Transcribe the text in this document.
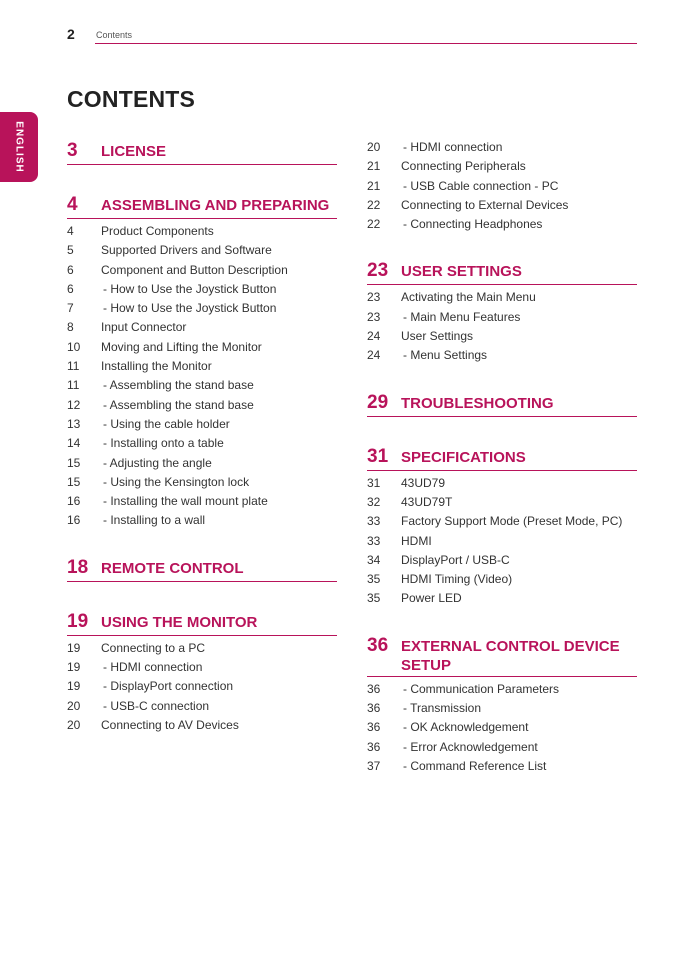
2 Contents
ENGLISH
CONTENTS
3	LICENSE
4	ASSEMBLING AND PREPARING
4	Product Components
5	Supported Drivers and Software
6	Component and Button Description
6	- How to Use the Joystick Button
7	- How to Use the Joystick Button
8	Input Connector
10	Moving and Lifting the Monitor
11	Installing the Monitor
11	- Assembling the stand base
12	- Assembling the stand base
13	- Using the cable holder
14	- Installing onto a table
15	- Adjusting the angle
15	- Using the Kensington lock
16	- Installing the wall mount plate
16	- Installing to a wall
18 REMOTE CONTROL
19 USING THE MONITOR
19	Connecting to a PC
19	- HDMI connection
19	- DisplayPort connection
20	- USB-C connection
20	Connecting to AV Devices
20	- HDMI connection
21	Connecting Peripherals
21	- USB Cable connection - PC
22	Connecting to External Devices
22	- Connecting Headphones
23 USER SETTINGS
23	Activating the Main Menu
23	- Main Menu Features
24	User Settings
24	- Menu Settings
29 TROUBLESHOOTING
31 SPECIFICATIONS
31	43UD79
32	43UD79T
33	Factory Support Mode (Preset Mode, PC)
33	HDMI
34	DisplayPort / USB-C
35	HDMI Timing (Video)
35	Power LED
36 EXTERNAL CONTROL DEVICE SETUP
36	- Communication Parameters
36	- Transmission
36	- OK Acknowledgement
36	- Error Acknowledgement
37	- Command Reference List
